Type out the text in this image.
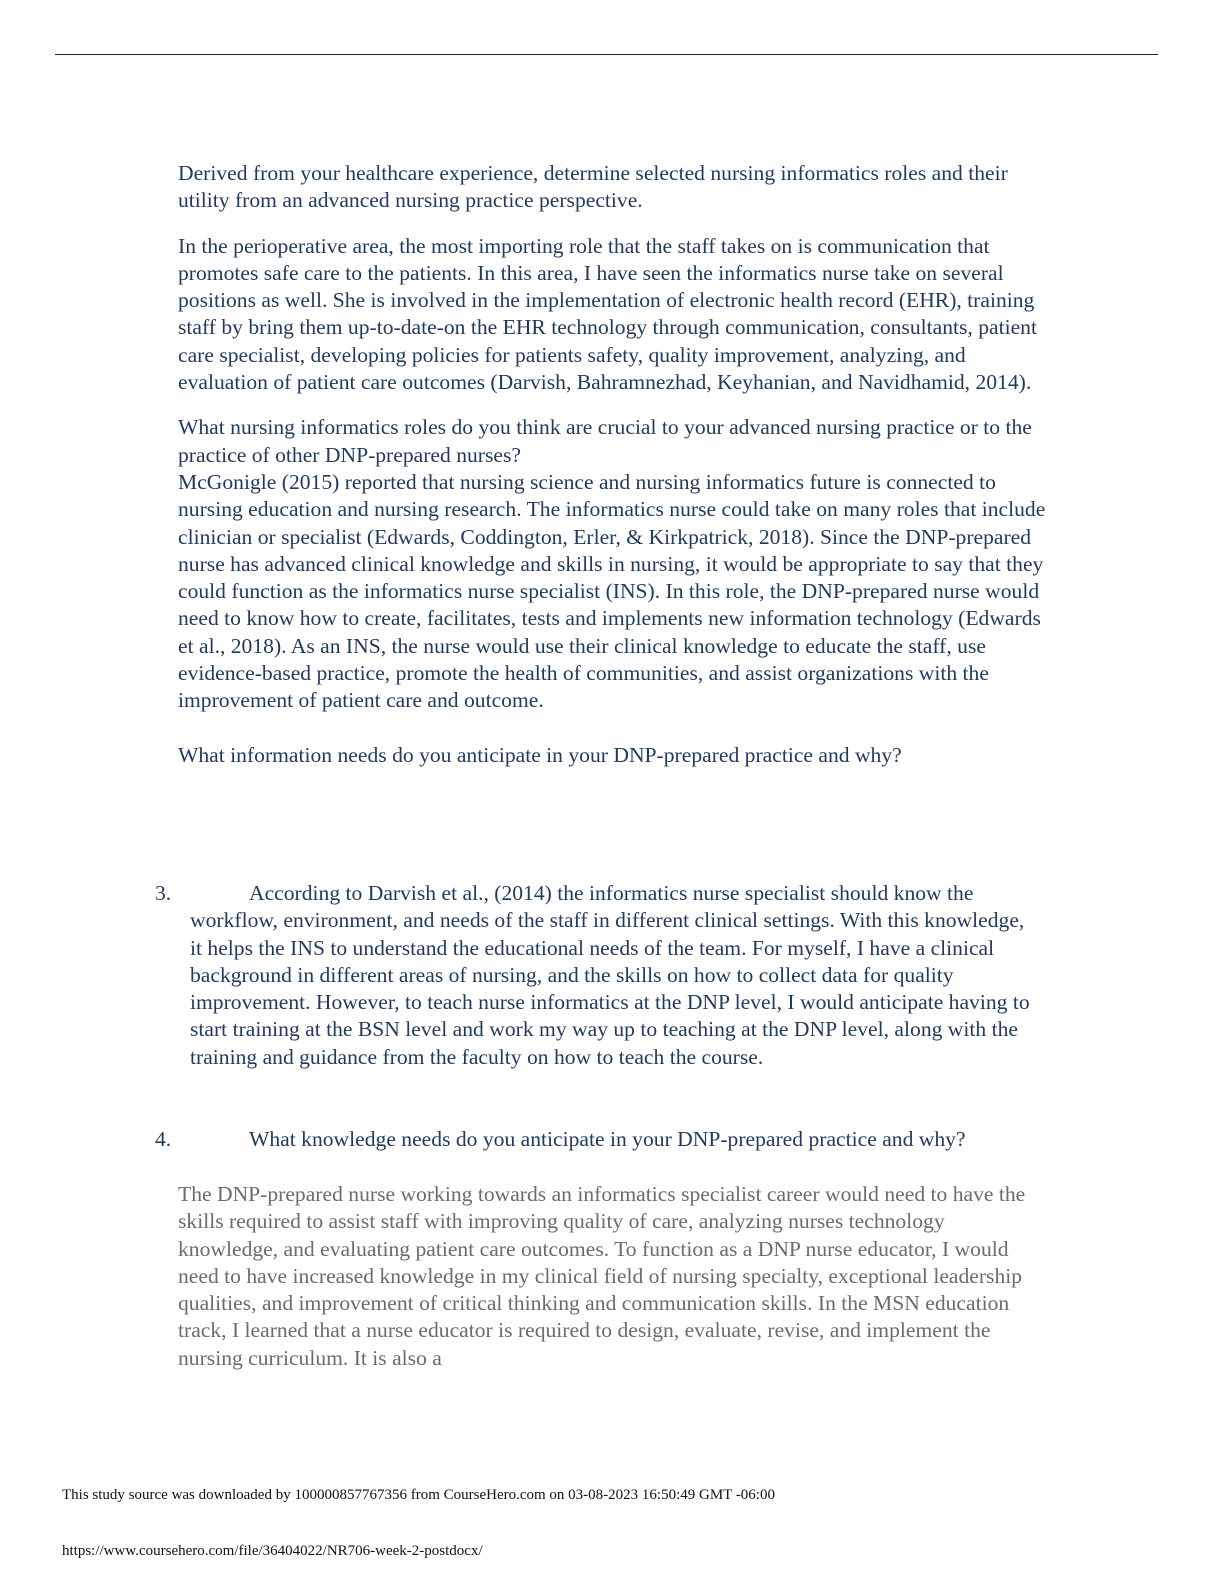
Derived from your healthcare experience, determine selected nursing informatics roles and their utility from an advanced nursing practice perspective.

In the perioperative area, the most importing role that the staff takes on is communication that promotes safe care to the patients. In this area, I have seen the informatics nurse take on several positions as well. She is involved in the implementation of electronic health record (EHR), training staff by bring them up-to-date-on the EHR technology through communication, consultants, patient care specialist, developing policies for patients safety, quality improvement, analyzing, and evaluation of patient care outcomes (Darvish, Bahramnezhad, Keyhanian, and Navidhamid, 2014).

What nursing informatics roles do you think are crucial to your advanced nursing practice or to the practice of other DNP-prepared nurses?

McGonigle (2015) reported that nursing science and nursing informatics future is connected to nursing education and nursing research. The informatics nurse could take on many roles that include clinician or specialist (Edwards, Coddington, Erler, & Kirkpatrick, 2018). Since the DNP-prepared nurse has advanced clinical knowledge and skills in nursing, it would be appropriate to say that they could function as the informatics nurse specialist (INS). In this role, the DNP-prepared nurse would need to know how to create, facilitates, tests and implements new information technology (Edwards et al., 2018). As an INS, the nurse would use their clinical knowledge to educate the staff, use evidence-based practice, promote the health of communities, and assist organizations with the improvement of patient care and outcome.

What information needs do you anticipate in your DNP-prepared practice and why?

3.	According to Darvish et al., (2014) the informatics nurse specialist should know the workflow, environment, and needs of the staff in different clinical settings. With this knowledge, it helps the INS to understand the educational needs of the team. For myself, I have a clinical background in different areas of nursing, and the skills on how to collect data for quality improvement. However, to teach nurse informatics at the DNP level, I would anticipate having to start training at the BSN level and work my way up to teaching at the DNP level, along with the training and guidance from the faculty on how to teach the course.

4.	What knowledge needs do you anticipate in your DNP-prepared practice and why?

The DNP-prepared nurse working towards an informatics specialist career would need to have the skills required to assist staff with improving quality of care, analyzing nurses technology knowledge, and evaluating patient care outcomes. To function as a DNP nurse educator, I would need to have increased knowledge in my clinical field of nursing specialty, exceptional leadership qualities, and improvement of critical thinking and communication skills. In the MSN education track, I learned that a nurse educator is required to design, evaluate, revise, and implement the nursing curriculum. It is also a

This study source was downloaded by 100000857767356 from CourseHero.com on 03-08-2023 16:50:49 GMT -06:00
https://www.coursehero.com/file/36404022/NR706-week-2-postdocx/
